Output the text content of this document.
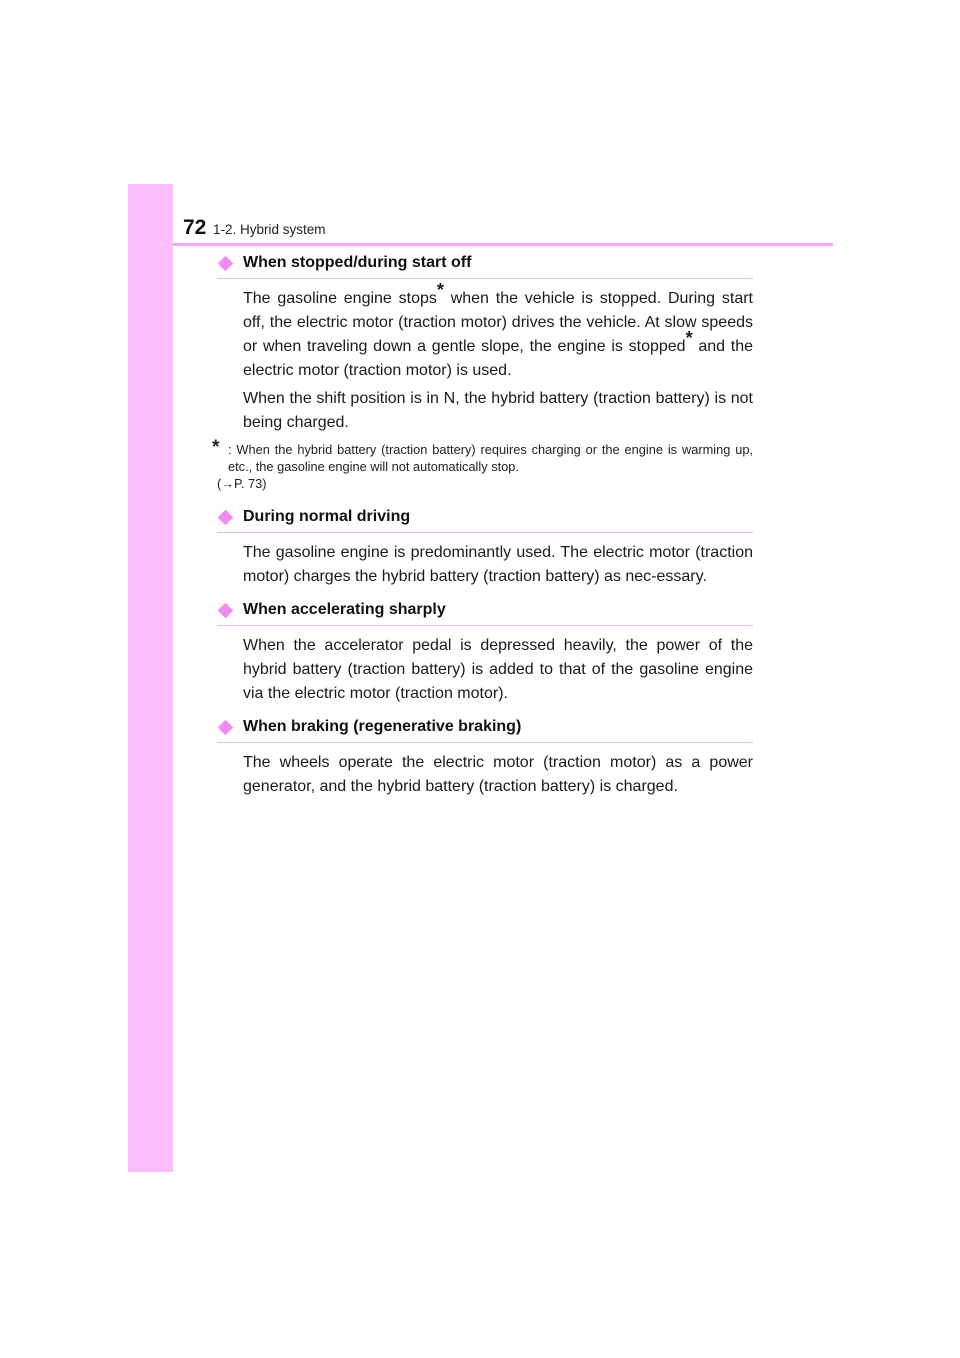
72 1-2. Hybrid system
When stopped/during start off

The gasoline engine stops* when the vehicle is stopped. During start off, the electric motor (traction motor) drives the vehicle. At slow speeds or when traveling down a gentle slope, the engine is stopped* and the electric motor (traction motor) is used.

When the shift position is in N, the hybrid battery (traction battery) is not being charged.

* : When the hybrid battery (traction battery) requires charging or the engine is warming up, etc., the gasoline engine will not automatically stop.
(→P. 73)
During normal driving

The gasoline engine is predominantly used. The electric motor (traction motor) charges the hybrid battery (traction battery) as nec-essary.

When accelerating sharply

When the accelerator pedal is depressed heavily, the power of the hybrid battery (traction battery) is added to that of the gasoline engine via the electric motor (traction motor).

When braking (regenerative braking)

The wheels operate the electric motor (traction motor) as a power generator, and the hybrid battery (traction battery) is charged.
